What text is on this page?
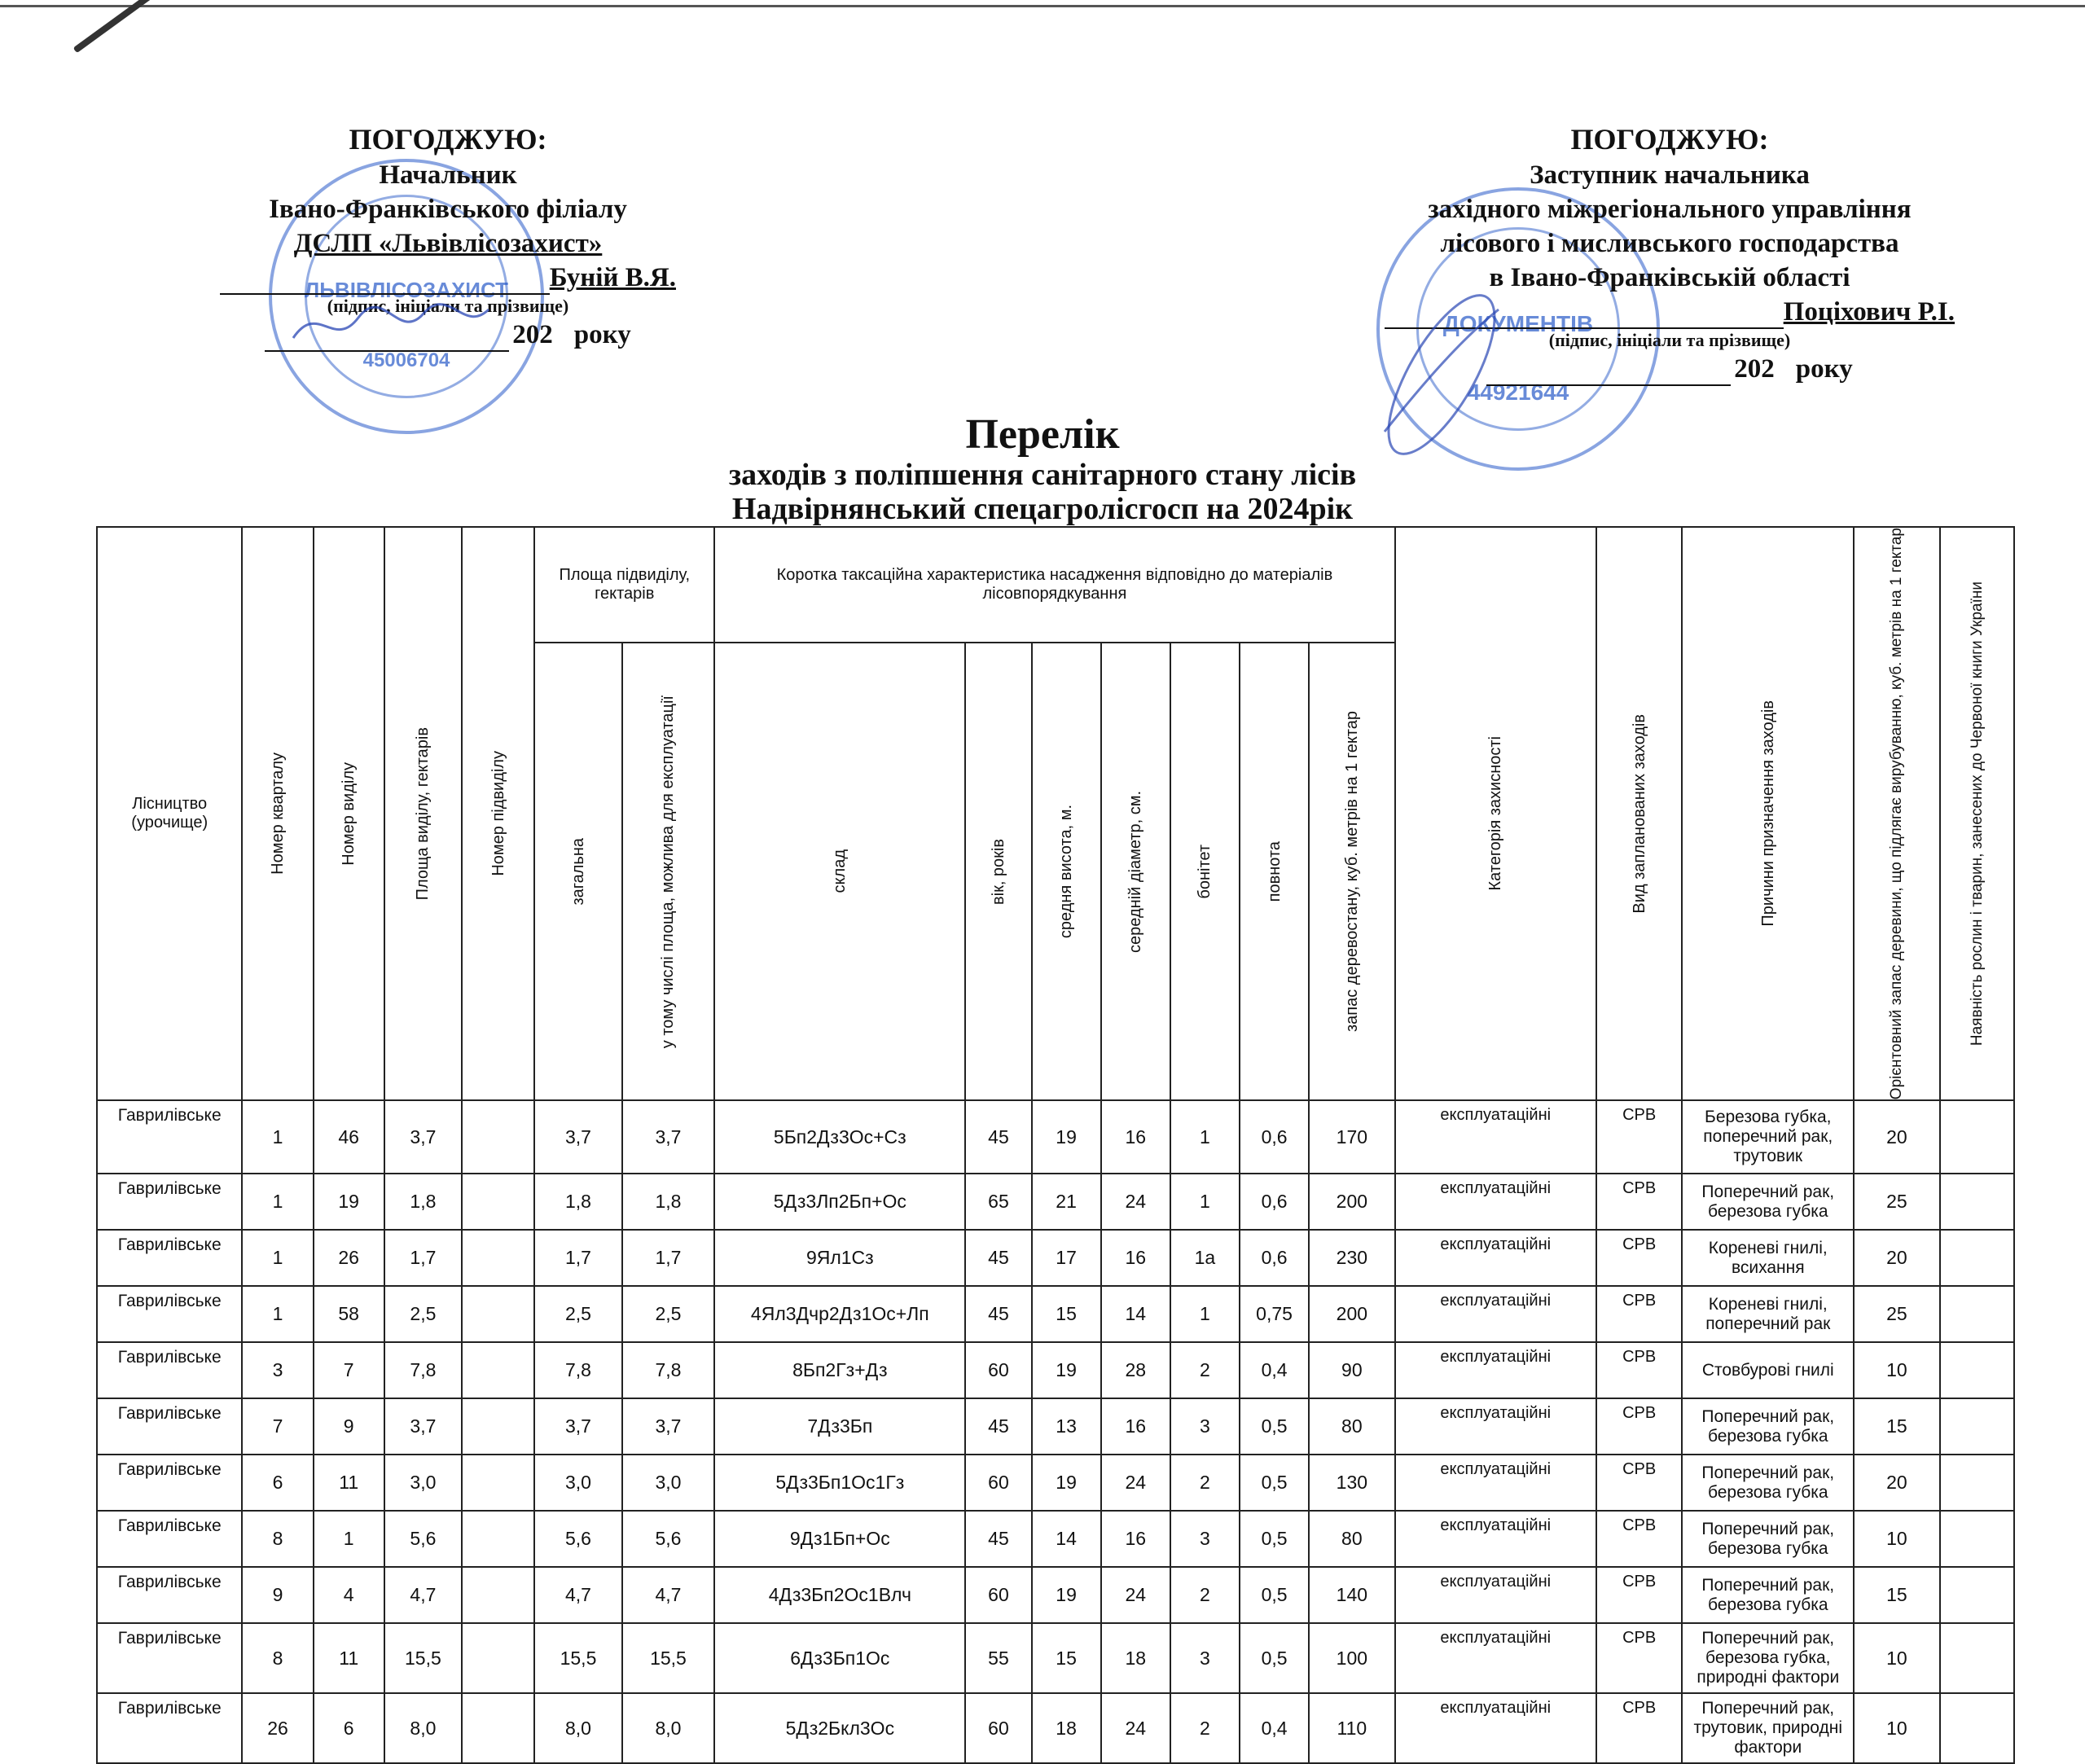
ЛЬВІВЛІСОЗАХИСТ
45006704
ДОКУМЕНТІВ
44921644
ПОГОДЖУЮ:
Начальник
Івано-Франківського філіалу
ДСЛП «Львівлісозахист»
Буній В.Я.
(підпис, ініціали та прізвище)
202 року
ПОГОДЖУЮ:
Заступник начальника
західного міжрегіонального управління
лісового і мисливського господарства
в Івано-Франківській області
Поціхович Р.І.
(підпис, ініціали та прізвище)
202 року
Перелік
заходів з поліпшення санітарного стану лісів
Надвірнянський спецагролісгосп на 2024рік
Лісництво (урочище)	Номер кварталу	Номер виділу	Площа виділу, гектарів	Номер підвиділу	Площа підвиділу, гектарів		Коротка таксаційна характеристика насадження відповідно до матеріалів лісовпорядкування							Категорія захисності	Вид запланованих заходів	Причини призначення заходів	Орієнтовний запас деревини, що підлягає вирубуванню, куб. метрів на 1 гектар	Наявність рослин і тварин, занесених до Червоної книги України

					загальна	у тому числі площа, можлива для експлуатації	склад	вік, років	средня висота, м.	середній діаметр, см.	бонітет	повнота	запас деревостану, куб. метрів на 1 гектар					

Гаврилівське	1	46	3,7		3,7	3,7	5Бп2Дз3Ос+Сз	45	19	16	1	0,6	170	експлуатаційні	СРВ	Березова губка, поперечний рак, трутовик	20	
Гаврилівське	1	19	1,8		1,8	1,8	5Дз3Лп2Бп+Ос	65	21	24	1	0,6	200	експлуатаційні	СРВ	Поперечний рак, березова губка	25	
Гаврилівське	1	26	1,7		1,7	1,7	9Ял1Сз	45	17	16	1а	0,6	230	експлуатаційні	СРВ	Кореневі гнилі, всихання	20	
Гаврилівське	1	58	2,5		2,5	2,5	4Ял3Дчр2Дз1Ос+Лп	45	15	14	1	0,75	200	експлуатаційні	СРВ	Кореневі гнилі, поперечний рак	25	
Гаврилівське	3	7	7,8		7,8	7,8	8Бп2Гз+Дз	60	19	28	2	0,4	90	експлуатаційні	СРВ	Стовбурові гнилі	10	
Гаврилівське	7	9	3,7		3,7	3,7	7Дз3Бп	45	13	16	3	0,5	80	експлуатаційні	СРВ	Поперечний рак, березова губка	15	
Гаврилівське	6	11	3,0		3,0	3,0	5Дз3Бп1Ос1Гз	60	19	24	2	0,5	130	експлуатаційні	СРВ	Поперечний рак, березова губка	20	
Гаврилівське	8	1	5,6		5,6	5,6	9Дз1Бп+Ос	45	14	16	3	0,5	80	експлуатаційні	СРВ	Поперечний рак, березова губка	10	
Гаврилівське	9	4	4,7		4,7	4,7	4Дз3Бп2Ос1Влч	60	19	24	2	0,5	140	експлуатаційні	СРВ	Поперечний рак, березова губка	15	
Гаврилівське	8	11	15,5		15,5	15,5	6Дз3Бп1Ос	55	15	18	3	0,5	100	експлуатаційні	СРВ	Поперечний рак, березова губка, природні фактори	10	
Гаврилівське	26	6	8,0		8,0	8,0	5Дз2Бкл3Ос	60	18	24	2	0,4	110	експлуатаційні	СРВ	Поперечний рак, трутовик, природні фактори	10	
